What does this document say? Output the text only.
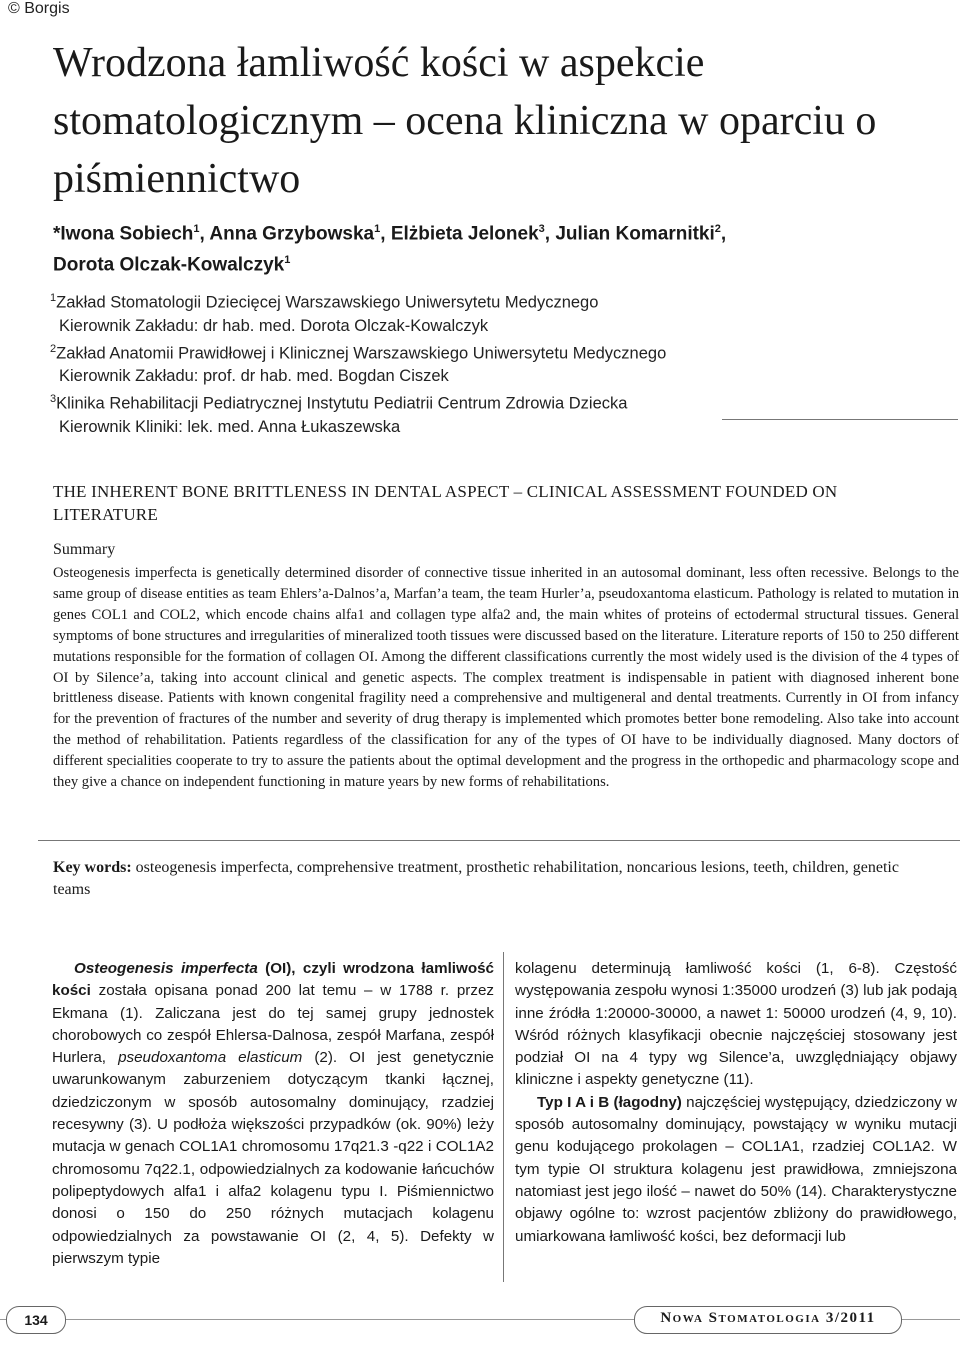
© Borgis
Wrodzona łamliwość kości w aspekcie stomatologicznym – ocena kliniczna w oparciu o piśmiennictwo
*Iwona Sobiech$^1$, Anna Grzybowska$^1$, Elżbieta Jelonek$^3$, Julian Komarnitki$^2$,
Dorota Olczak-Kowalczyk$^1$
$^1$Zakład Stomatologii Dziecięcej Warszawskiego Uniwersytetu Medycznego
Kierownik Zakładu: dr hab. med. Dorota Olczak-Kowalczyk
$^2$Zakład Anatomii Prawidłowej i Klinicznej Warszawskiego Uniwersytetu Medycznego
Kierownik Zakładu: prof. dr hab. med. Bogdan Ciszek
$^3$Klinika Rehabilitacji Pediatrycznej Instytutu Pediatrii Centrum Zdrowia Dziecka
Kierownik Kliniki: lek. med. Anna Łukaszewska
THE INHERENT BONE BRITTLENESS IN DENTAL ASPECT – CLINICAL ASSESSMENT FOUNDED ON LITERATURE
Summary

Osteogenesis imperfecta is genetically determined disorder of connective tissue inherited in an autosomal dominant, less often recessive. Belongs to the same group of disease entities as team Ehlers’a-Dalnos’a, Marfan’a team, the team Hurler’a, pseudoxantoma elasticum. Pathology is related to mutation in genes COL1 and COL2, which encode chains alfa1 and collagen type alfa2 and, the main whites of proteins of ectodermal structural tissues. General symptoms of bone structures and irregularities of mineralized tooth tissues were discussed based on the literature. Literature reports of 150 to 250 different mutations responsible for the formation of collagen OI. Among the different classifications currently the most widely used is the division of the 4 types of OI by Silence’a, taking into account clinical and genetic aspects. The complex treatment is indispensable in patient with diagnosed inherent bone brittleness disease. Patients with known congenital fragility need a comprehensive and multigeneral and dental treatments. Currently in OI from infancy for the prevention of fractures of the number and severity of drug therapy is implemented which promotes better bone remodeling. Also take into account the method of rehabilitation. Patients regardless of the classification for any of the types of OI have to be individually diagnosed. Many doctors of different specialities cooperate to try to assure the patients about the optimal development and the progress in the orthopedic and pharmacology scope and they give a chance on independent functioning in mature years by new forms of rehabilitations.

Key words: osteogenesis imperfecta, comprehensive treatment, prosthetic rehabilitation, noncarious lesions, teeth, children, genetic teams

Osteogenesis imperfecta (OI), czyli wrodzona łamliwość kości została opisana ponad 200 lat temu – w 1788 r. przez Ekmana (1). Zaliczana jest do tej samej grupy jednostek chorobowych co zespół Ehlersa-Dalnosa, zespół Marfana, zespół Hurlera, pseudoxantoma elasticum (2). OI jest genetycznie uwarunkowanym zaburzeniem dotyczącym tkanki łącznej, dziedziczonym w sposób autosomalny dominujący, rzadziej recesywny (3). U podłoża większości przypadków (ok. 90%) leży mutacja w genach COL1A1 chromosomu 17q21.3 -q22 i COL1A2 chromosomu 7q22.1, odpowiedzialnych za kodowanie łańcuchów polipeptydowych alfa1 i alfa2 kolagenu typu I. Piśmiennictwo donosi o 150 do 250 różnych mutacjach kolagenu odpowiedzialnych za powstawanie OI (2, 4, 5). Defekty w pierwszym typie

kolagenu determinują łamliwość kości (1, 6-8). Częstość występowania zespołu wynosi 1:35000 urodzeń (3) lub jak podają inne źródła 1:20000-30000, a nawet 1: 50000 urodzeń (4, 9, 10). Wśród różnych klasyfikacji obecnie najczęściej stosowany jest podział OI na 4 typy wg Silence’a, uwzględniający objawy kliniczne i aspekty genetyczne (11).

Typ I A i B (łagodny) najczęściej występujący, dziedziczony w sposób autosomalny dominujący, powstający w wyniku mutacji genu kodującego prokolagen – COL1A1, rzadziej COL1A2. W tym typie OI struktura kolagenu jest prawidłowa, zmniejszona natomiast jest jego ilość – nawet do 50% (14). Charakterystyczne objawy ogólne to: wzrost pacjentów zbliżony do prawidłowego, umiarkowana łamliwość kości, bez deformacji lub

134	Nowa Stomatologia 3/2011
